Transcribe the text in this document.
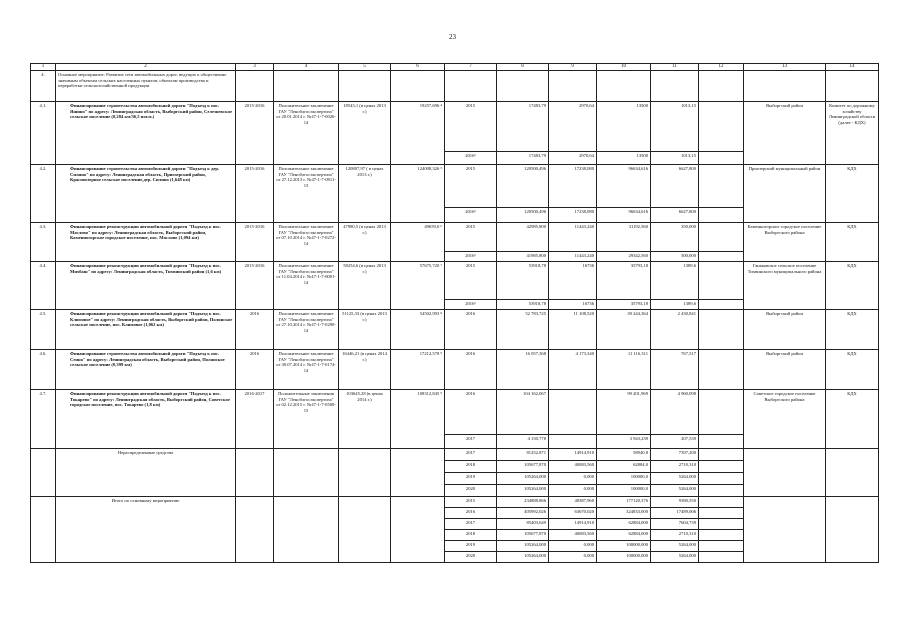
23
1	2	3	4	5	6	7	8	9	10	11	12	13	14
4.	Основное мероприятие: Развитие сети автомобильных дорог, ведущих к общественно значимым объектам сельских населенных пунктов, объектам производства и переработки сельскохозяйственной продукции												
4.1.	Финансирование строительства автомобильной дороги "Подъезд к пос. Яшино" по адресу: Ленинградская область, Выборгский район, Селезневское сельское поселение (0,284 км/36,5 пог.м.)	2015-2016	Положительное заключение ГАУ "Леноблгосэкспертиза" от 20.01.2014 г. №47-1-7-0026-14	18543,1 (в ценах 2013 г.)	19257,696 ⁴	2015	17483,79	2970,64	13500	1013,15		Выборгский район	Комитет по дорожному хозяйству Ленинградской области (далее - КДХ)
						2016¹	17483,79	2970,64	13500	1013,15			
4.2.	Финансирование строительства автомобильной дороги "Подъезд к дер. Силино" по адресу: Ленинградская область, Приозерский район, Красноозерное сельское поселение,дер. Силино (1,648 км)	2015-2016	Положительное заключение ГАУ "Леноблгосэкспертиза" от 27.12.2013 г. №47-1-7-0811-13	120807,97 ( в ценах 2013 г.)	124008,326 ⁵	2015	120500,496	17238,080	96634,616	6627,800		Приозерский муниципальный район	КДХ
						2016¹	120500,496	17238,080	96634,616	6627,800			
4.3.	Финансирование реконструкции автомобильной дороги "Подъезд к пос. Маслово" по адресу: Ленинградская область, Выборгский район, Каменногорское городское поселение, пос. Маслово (1,094 км)	2015-2016	Положительное заключение ГАУ "Леноблгосэкспертиза" от 07.10.2014 г. №47-1-7-0272-14	47980,5 (в ценах 2013 г.)	49659,0 ⁶	2015	42985,800	11443,240	31192,560	350,000		Каменногорское городское поселение Выборгского района	КДХ
						2016¹	41985,800	11443,240	29342,560	300,000			
4.4.	Финансирование реконструкции автомобильной дороги "Подъезд к пос. Михбаш" по адресу: Ленинградская область, Тихвинский район (1,6 км)	2015-2016	Положительное заключение ГАУ "Леноблгосэкспертиза" от 11.04.2014 г. №47-1-7-0081-14	58254,6 (в ценах 2013 г.)	57675,720 ⁷	2015	53918,78	16736	35793,18	1389,6		Ганьковское сельское поселение Тихвинского муниципального района	КДХ
						2016¹	53918,78	16736	35793,18	1389,6			
4.5.	Финансирование реконструкции автомобильной дороги "Подъезд к пос. Климовое" по адресу: Ленинградская область, Выборгский район, Полянское сельское поселение, пос. Климовое (1,062 км)	2016	Положительное заключение ГАУ "Леноблгосэкспертиза" от 27.10.2014 г. №47-1-7-0290-14	51125,33 (в ценах 2013 г.)	54502,993 ⁸	2016	52 783,725	11 108,520	39 244,364	2 430,841		Выборгский район	КДХ
4.6.	Финансирование строительства автомобильной дороги "Подъезд к пос. Сенно" по адресу: Ленинградская область, Выборгский район, Полянское сельское поселение (0,399 км)	2016	Положительное заключение ГАУ "Леноблгосэкспертиза" от 30.07.2014 г. №47-1-7-0174-14	16446,21 (в ценах 2014 г.)	17212,578 ⁹	2016	16 057,368	4 173,340	11 116,311	767,517		Выборгский район	КДХ
4.7.	Финансирование реконструкции автомобильной дороги "Подъезд к пос. Токарево" по адресу: Ленинградская область, Выборгский район, Советское городское поселение, пос. Токарево (1,8 км)	2016-2017	Положительные заключения ГАУ "Леноблгосэкспертиза" от 02.12.2015 г. №47-1-7-0500-15	103645,28 (в ценах 2014 г.)	108312,845 ⁹	2016	104 162,067		99 201,969	4 960,098		Советское городское поселение Выборгского района	КДХ
						2017	4 150,778		3 943,239	207,539			
	Нераспределенные средства					2017	81252,871	14914,910	58940,8	7397,200			
						2018	105677,870	40083,560	62884,0	2710,310			
						2019	105264,000	0,000	100000,0	5264,000			
						2020	105264,000	0,000	100000,0	5264,000			
	Итого по основному мероприятию					2015	234888,866	48387,960	177120,376	9380,550			
						2016	405992,026	63670,020	324833,000	17489,006			
						2017	85403,649	14914,910	62884,000	7604,739			
						2018	105677,870	40083,560	62884,000	2710,310			
						2019	105264,000	0,000	100000,000	5264,000			
						2020	105264,000	0,000	100000,000	5264,000			
